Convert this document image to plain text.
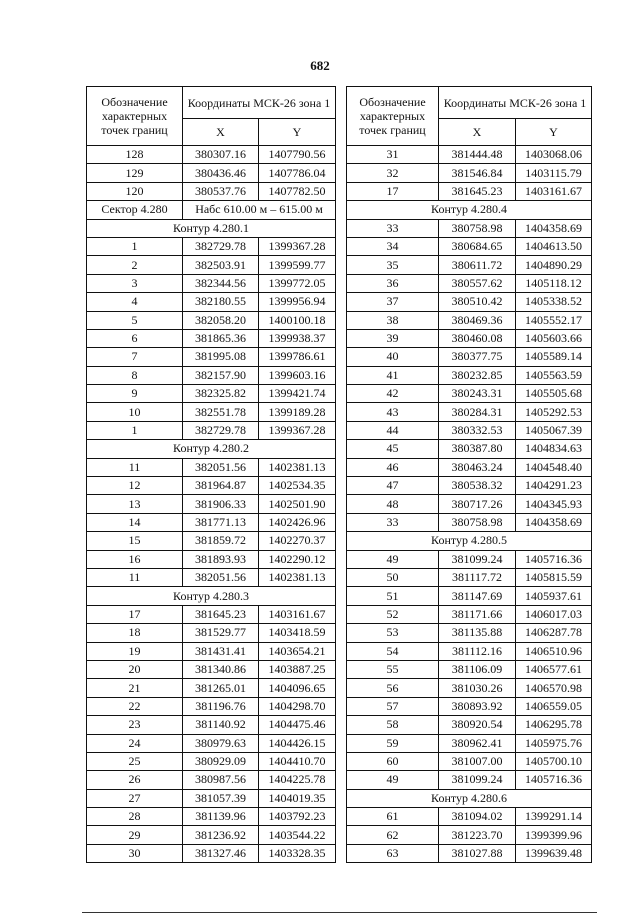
682
Обозначение характерных точек границ	Координаты МСК-26 зона 1	
	X	Y
128	380307.16	1407790.56
129	380436.46	1407786.04
120	380537.76	1407782.50
Сектор 4.280	Набс 610.00 м – 615.00 м	
Контур 4.280.1		
1	382729.78	1399367.28
2	382503.91	1399599.77
3	382344.56	1399772.05
4	382180.55	1399956.94
5	382058.20	1400100.18
6	381865.36	1399938.37
7	381995.08	1399786.61
8	382157.90	1399603.16
9	382325.82	1399421.74
10	382551.78	1399189.28
1	382729.78	1399367.28
Контур 4.280.2		
11	382051.56	1402381.13
12	381964.87	1402534.35
13	381906.33	1402501.90
14	381771.13	1402426.96
15	381859.72	1402270.37
16	381893.93	1402290.12
11	382051.56	1402381.13
Контур 4.280.3		
17	381645.23	1403161.67
18	381529.77	1403418.59
19	381431.41	1403654.21
20	381340.86	1403887.25
21	381265.01	1404096.65
22	381196.76	1404298.70
23	381140.92	1404475.46
24	380979.63	1404426.15
25	380929.09	1404410.70
26	380987.56	1404225.78
27	381057.39	1404019.35
28	381139.96	1403792.23
29	381236.92	1403544.22
30	381327.46	1403328.35
Обозначение характерных точек границ	Координаты МСК-26 зона 1	
	X	Y
31	381444.48	1403068.06
32	381546.84	1403115.79
17	381645.23	1403161.67
Контур 4.280.4		
33	380758.98	1404358.69
34	380684.65	1404613.50
35	380611.72	1404890.29
36	380557.62	1405118.12
37	380510.42	1405338.52
38	380469.36	1405552.17
39	380460.08	1405603.66
40	380377.75	1405589.14
41	380232.85	1405563.59
42	380243.31	1405505.68
43	380284.31	1405292.53
44	380332.53	1405067.39
45	380387.80	1404834.63
46	380463.24	1404548.40
47	380538.32	1404291.23
48	380717.26	1404345.93
33	380758.98	1404358.69
Контур 4.280.5		
49	381099.24	1405716.36
50	381117.72	1405815.59
51	381147.69	1405937.61
52	381171.66	1406017.03
53	381135.88	1406287.78
54	381112.16	1406510.96
55	381106.09	1406577.61
56	381030.26	1406570.98
57	380893.92	1406559.05
58	380920.54	1406295.78
59	380962.41	1405975.76
60	381007.00	1405700.10
49	381099.24	1405716.36
Контур 4.280.6		
61	381094.02	1399291.14
62	381223.70	1399399.96
63	381027.88	1399639.48
